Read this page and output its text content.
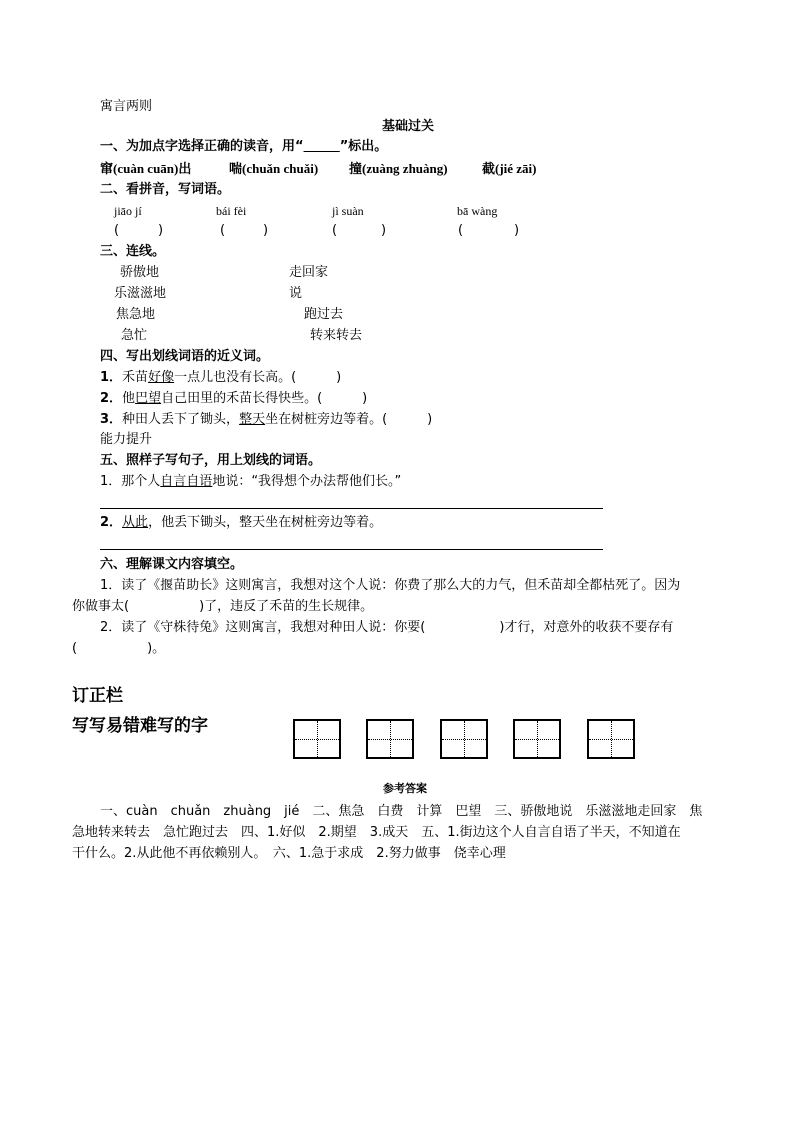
寓言两则
基础过关
一、为加点字选择正确的读音，用“	”标出。
窜(cuàn cuān)出	喘(chuǎn chuǎi) 撞(zuàng zhuàng)	截(jié zāi)
二、看拼音，写词语。
jiāo jí	bái fèi	jì suàn	bā wàng
(	)	(	)	(	)	(	)
三、连线。
骄傲地
乐滋滋地
焦急地
急忙
走回家
说
跑过去
转来转去
四、写出划线词语的近义词。
1．禾苗好像一点儿也没有长高。(	)
2．他巴望自己田里的禾苗长得快些。(	)
3．种田人丢下了锄头，整天坐在树桩旁边等着。(	)
能力提升
五、照样子写句子，用上划线的词语。
1．那个人自言自语地说：“我得想个办法帮他们长。”
2．从此，他丢下锄头，整天坐在树桩旁边等着。
六、理解课文内容填空。
1．读了《揠苗助长》这则寓言，我想对这个人说：你费了那么大的力气，但禾苗却全都枯死了。因为
你做事太(	)了，违反了禾苗的生长规律。
2．读了《守株待兔》这则寓言，我想对种田人说：你要(	)才行，对意外的收获不要存有
(	)。
订正栏
写写易错难写的字
参考答案
一、cuàn　chuǎn　zhuàng　jié　二、焦急　白费　计算　巴望　三、骄傲地说　乐滋滋地走回家　焦
急地转来转去　急忙跑过去　四、1.好似　2.期望　3.成天　五、1.街边这个人自言自语了半天，不知道在
干什么。2.从此他不再依赖别人。　六、1.急于求成　2.努力做事　侥幸心理
